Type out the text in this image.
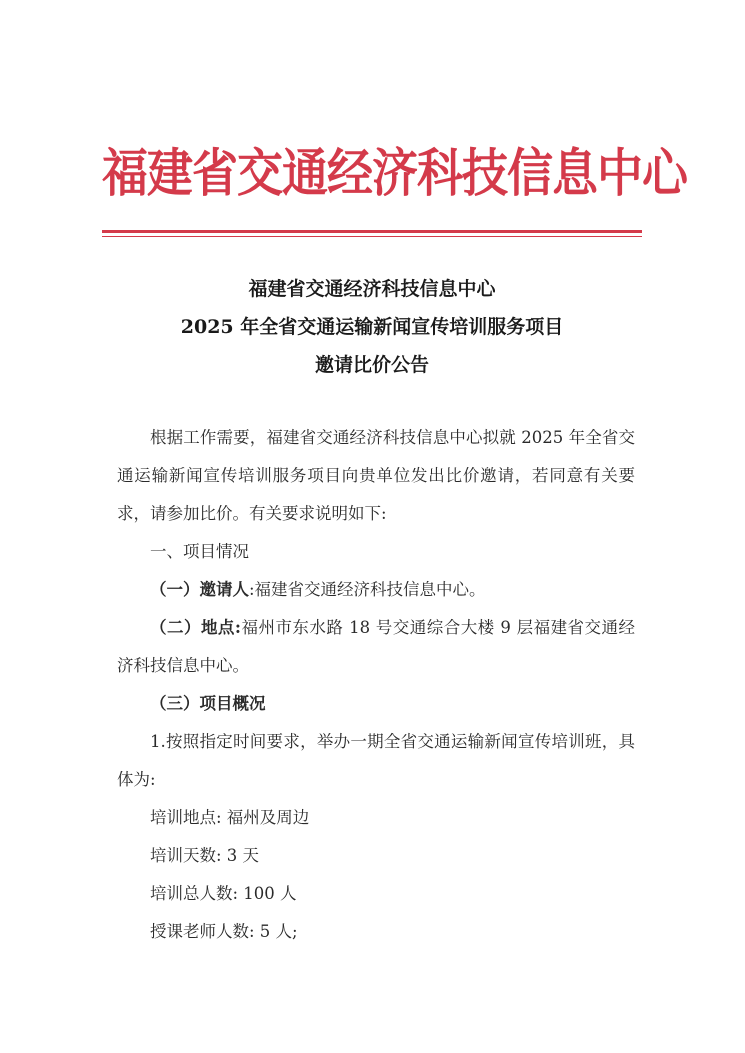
福建省交通经济科技信息中心
福建省交通经济科技信息中心
2025 年全省交通运输新闻宣传培训服务项目
邀请比价公告

根据工作需要，福建省交通经济科技信息中心拟就 2025 年全省交通运输新闻宣传培训服务项目向贵单位发出比价邀请，若同意有关要求，请参加比价。有关要求说明如下:

一、项目情况

（一）邀请人:福建省交通经济科技信息中心。

（二）地点:福州市东水路 18 号交通综合大楼 9 层福建省交通经济科技信息中心。

（三）项目概况

1.按照指定时间要求，举办一期全省交通运输新闻宣传培训班，具体为:

培训地点: 福州及周边

培训天数: 3 天

培训总人数: 100 人

授课老师人数: 5 人;
